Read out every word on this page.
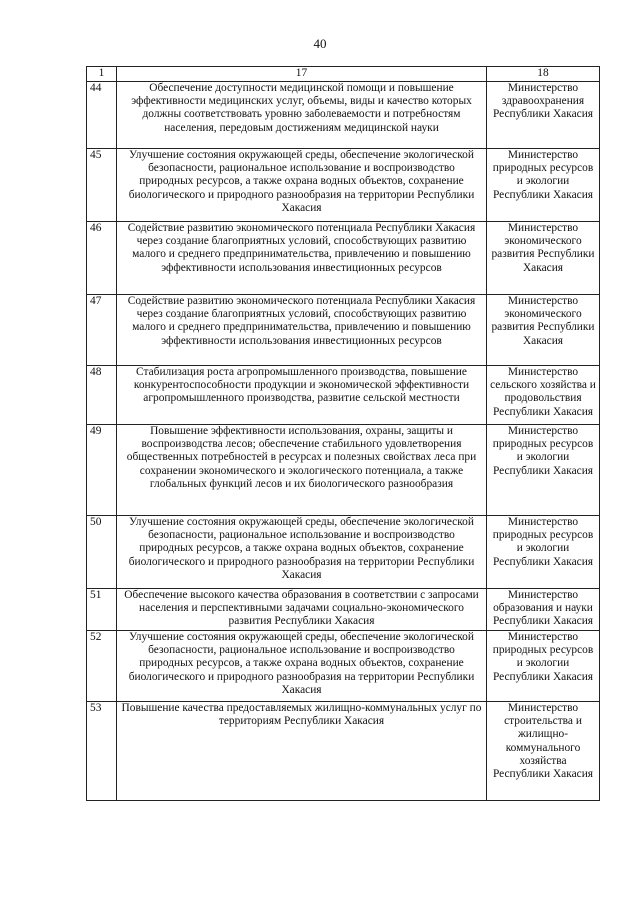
40
1	17	18
44	Обеспечение доступности медицинской помощи и повышение эффективности медицинских услуг, объемы, виды и качество которых должны соответствовать уровню заболеваемости и потребностям населения, передовым достижениям медицинской науки	Министерство здравоохранения Республики Хакасия
45	Улучшение состояния окружающей среды, обеспечение экологической безопасности, рациональное использование и воспроизводство природных ресурсов, а также охрана водных объектов, сохранение биологического и природного разнообразия на территории Республики Хакасия	Министерство природных ресурсов и экологии Республики Хакасия
46	Содействие развитию экономического потенциала Республики Хакасия через создание благоприятных условий, способствующих развитию малого и среднего предпринимательства, привлечению и повышению эффективности использования инвестиционных ресурсов	Министерство экономического развития Республики Хакасия
47	Содействие развитию экономического потенциала Республики Хакасия через создание благоприятных условий, способствующих развитию малого и среднего предпринимательства, привлечению и повышению эффективности использования инвестиционных ресурсов	Министерство экономического развития Республики Хакасия
48	Стабилизация роста агропромышленного производства, повышение конкурентоспособности продукции и экономической эффективности агропромышленного производства, развитие сельской местности	Министерство сельского хозяйства и продовольствия Республики Хакасия
49	Повышение эффективности использования, охраны, защиты и воспроизводства лесов; обеспечение стабильного удовлетворения общественных потребностей в ресурсах и полезных свойствах леса при сохранении экономического и экологического потенциала, а также глобальных функций лесов и их биологического разнообразия	Министерство природных ресурсов и экологии Республики Хакасия
50	Улучшение состояния окружающей среды, обеспечение экологической безопасности, рациональное использование и воспроизводство природных ресурсов, а также охрана водных объектов, сохранение биологического и природного разнообразия на территории Республики Хакасия	Министерство природных ресурсов и экологии Республики Хакасия
51	Обеспечение высокого качества образования в соответствии с запросами населения и перспективными задачами социально-экономического развития Республики Хакасия	Министерство образования и науки Республики Хакасия
52	Улучшение состояния окружающей среды, обеспечение экологической безопасности, рациональное использование и воспроизводство природных ресурсов, а также охрана водных объектов, сохранение биологического и природного разнообразия на территории Республики Хакасия	Министерство природных ресурсов и экологии Республики Хакасия
53	Повышение качества предоставляемых жилищно-коммунальных услуг по территориям Республики Хакасия	Министерство строительства и жилищно-коммунального хозяйства Республики Хакасия
